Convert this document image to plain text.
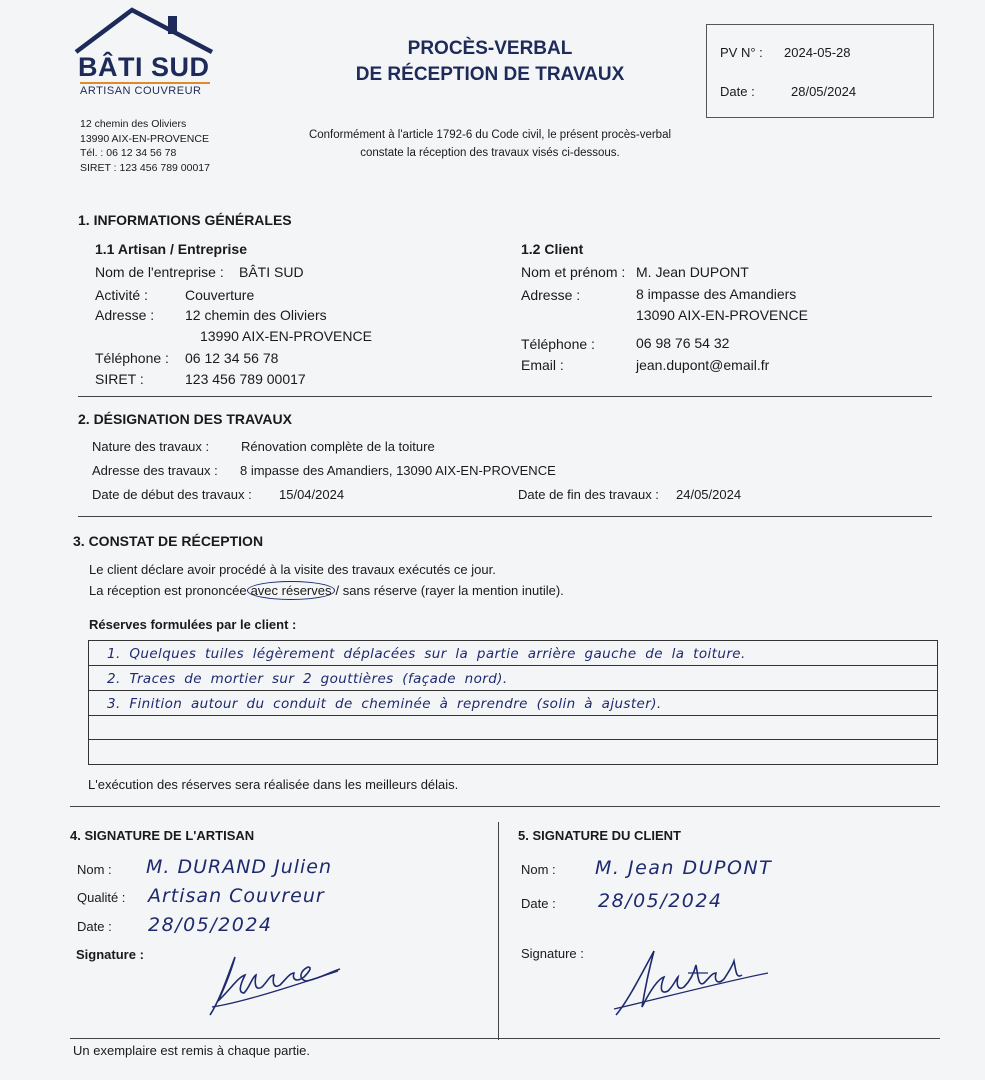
BÂTI SUD
ARTISAN COUVREUR
12 chemin des Oliviers
13990 AIX-EN-PROVENCE
Tél. : 06 12 34 56 78
SIRET : 123 456 789 00017
PROCÈS-VERBAL
DE RÉCEPTION DE TRAVAUX
Conformément à l'article 1792-6 du Code civil, le présent procès-verbal
constate la réception des travaux visés ci-dessous.
PV N° : 2024-05-28
Date :	28/05/2024
1. INFORMATIONS GÉNÉRALES
1.1 Artisan / Entreprise
Nom de l'entreprise : BÂTI SUD
Activité :	Couverture
Adresse : 12 chemin des Oliviers
13990 AIX-EN-PROVENCE
Téléphone : 06 12 34 56 78
SIRET :	123 456 789 00017
1.2 Client
Nom et prénom : M. Jean DUPONT
Adresse :	8 impasse des Amandiers
13090 AIX-EN-PROVENCE
Téléphone :	06 98 76 54 32
Email :	jean.dupont@email.fr
2. DÉSIGNATION DES TRAVAUX
Nature des travaux : Rénovation complète de la toiture
Adresse des travaux : 8 impasse des Amandiers, 13090 AIX-EN-PROVENCE
Date de début des travaux : 15/04/2024	Date de fin des travaux : 24/05/2024
3. CONSTAT DE RÉCEPTION
Le client déclare avoir procédé à la visite des travaux exécutés ce jour.
La réception est prononcée avec réserves / sans réserve (rayer la mention inutile).
Réserves formulées par le client :
1. Quelques tuiles légèrement déplacées sur la partie arrière gauche de la toiture.
2. Traces de mortier sur 2 gouttières (façade nord).
3. Finition autour du conduit de cheminée à reprendre (solin à ajuster).
L'exécution des réserves sera réalisée dans les meilleurs délais.
4. SIGNATURE DE L'ARTISAN
Nom : M. DURAND Julien
Qualité : Artisan Couvreur
Date : 28/05/2024
Signature :
5. SIGNATURE DU CLIENT
Nom : M. Jean DUPONT
Date : 28/05/2024
Signature :
Un exemplaire est remis à chaque partie.
